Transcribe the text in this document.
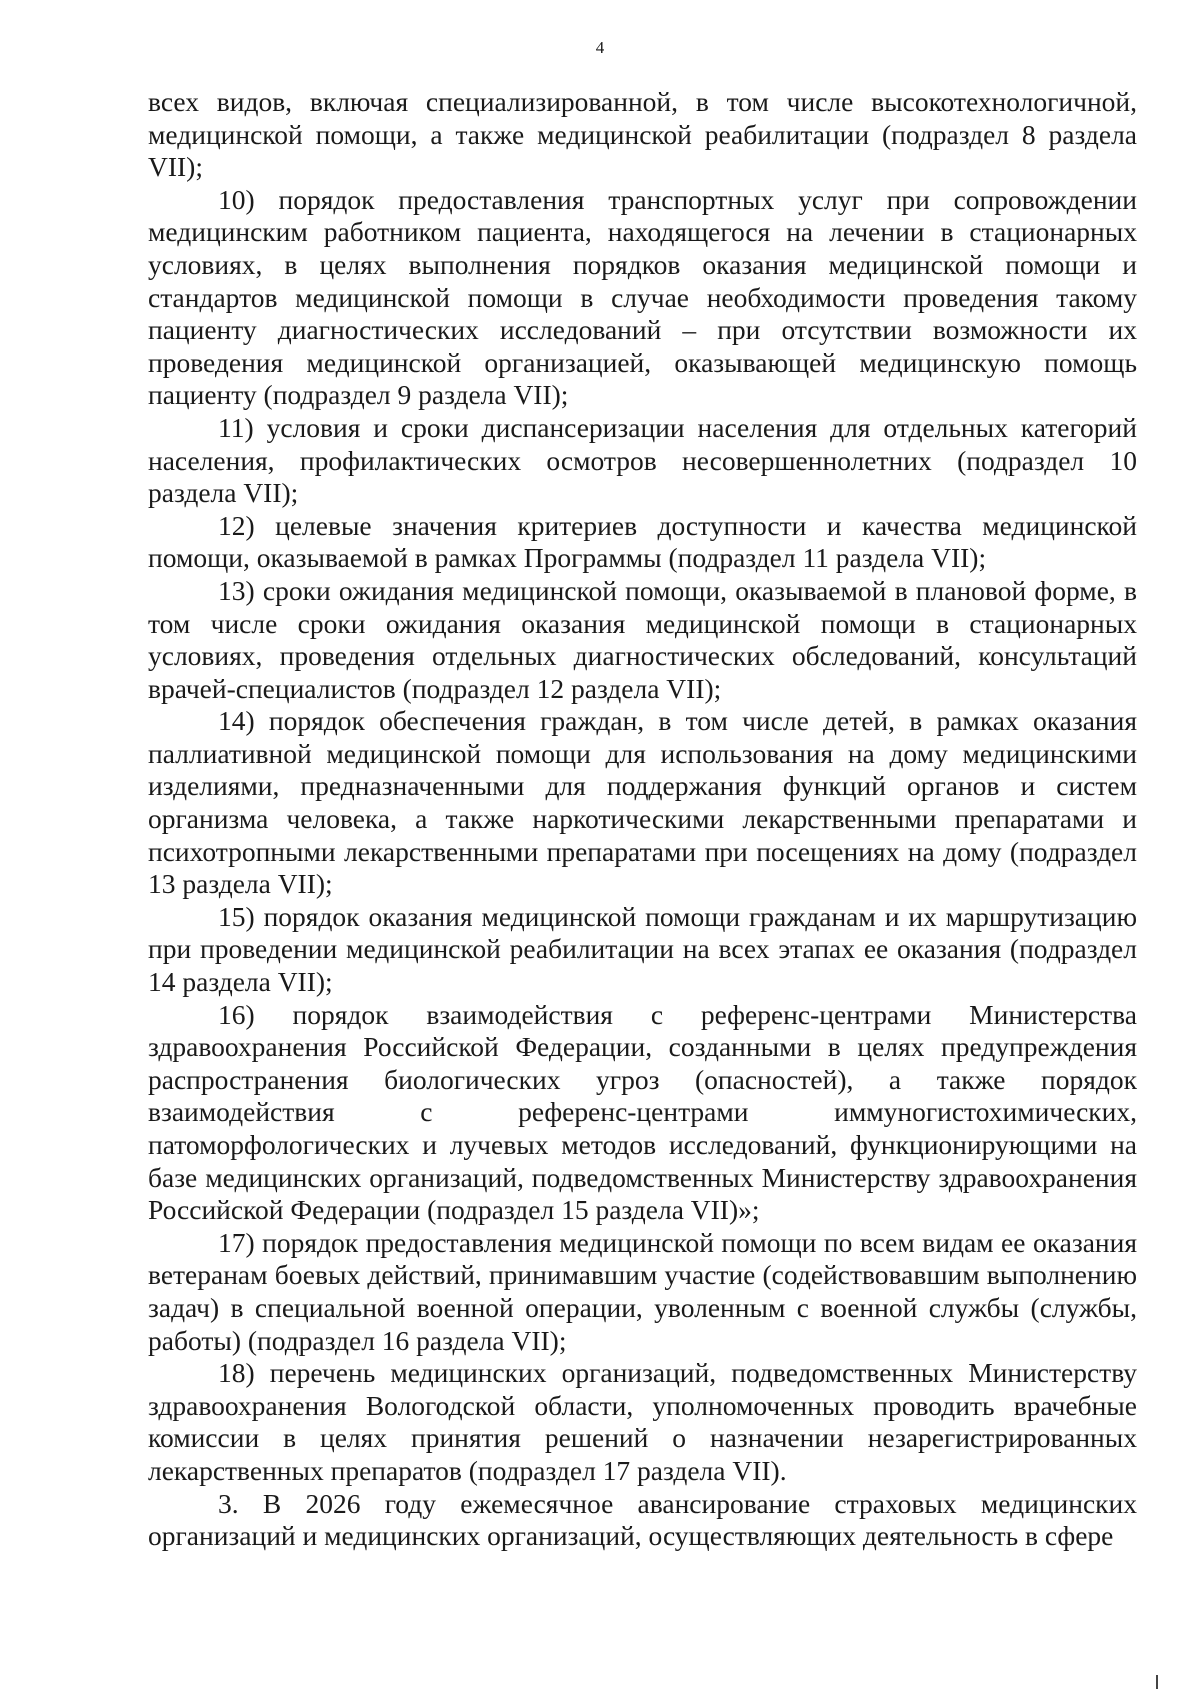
4

всех видов, включая специализированной, в том числе высокотехнологичной, медицинской помощи, а также медицинской реабилитации (подраздел 8 раздела VII);

10) порядок предоставления транспортных услуг при сопровождении медицинским работником пациента, находящегося на лечении в стационарных условиях, в целях выполнения порядков оказания медицинской помощи и стандартов медицинской помощи в случае необходимости проведения такому пациенту диагностических исследований – при отсутствии возможности их проведения медицинской организацией, оказывающей медицинскую помощь пациенту (подраздел 9 раздела VII);

11) условия и сроки диспансеризации населения для отдельных категорий населения, профилактических осмотров несовершеннолетних (подраздел 10 раздела VII);

12) целевые значения критериев доступности и качества медицинской помощи, оказываемой в рамках Программы (подраздел 11 раздела VII);

13) сроки ожидания медицинской помощи, оказываемой в плановой форме, в том числе сроки ожидания оказания медицинской помощи в стационарных условиях, проведения отдельных диагностических обследований, консультаций врачей-специалистов (подраздел 12 раздела VII);

14) порядок обеспечения граждан, в том числе детей, в рамках оказания паллиативной медицинской помощи для использования на дому медицинскими изделиями, предназначенными для поддержания функций органов и систем организма человека, а также наркотическими лекарственными препаратами и психотропными лекарственными препаратами при посещениях на дому (подраздел 13 раздела VII);

15) порядок оказания медицинской помощи гражданам и их маршрутизацию при проведении медицинской реабилитации на всех этапах ее оказания (подраздел 14 раздела VII);

16) порядок взаимодействия с референс-центрами Министерства здравоохранения Российской Федерации, созданными в целях предупреждения распространения биологических угроз (опасностей), а также порядок взаимодействия с референс-центрами иммуногистохимических, патоморфологических и лучевых методов исследований, функционирующими на базе медицинских организаций, подведомственных Министерству здравоохранения Российской Федерации (подраздел 15 раздела VII)»;

17) порядок предоставления медицинской помощи по всем видам ее оказания ветеранам боевых действий, принимавшим участие (содействовавшим выполнению задач) в специальной военной операции, уволенным с военной службы (службы, работы) (подраздел 16 раздела VII);

18) перечень медицинских организаций, подведомственных Министерству здравоохранения Вологодской области, уполномоченных проводить врачебные комиссии в целях принятия решений о назначении незарегистрированных лекарственных препаратов (подраздел 17 раздела VII).

3. В 2026 году ежемесячное авансирование страховых медицинских организаций и медицинских организаций, осуществляющих деятельность в сфере
